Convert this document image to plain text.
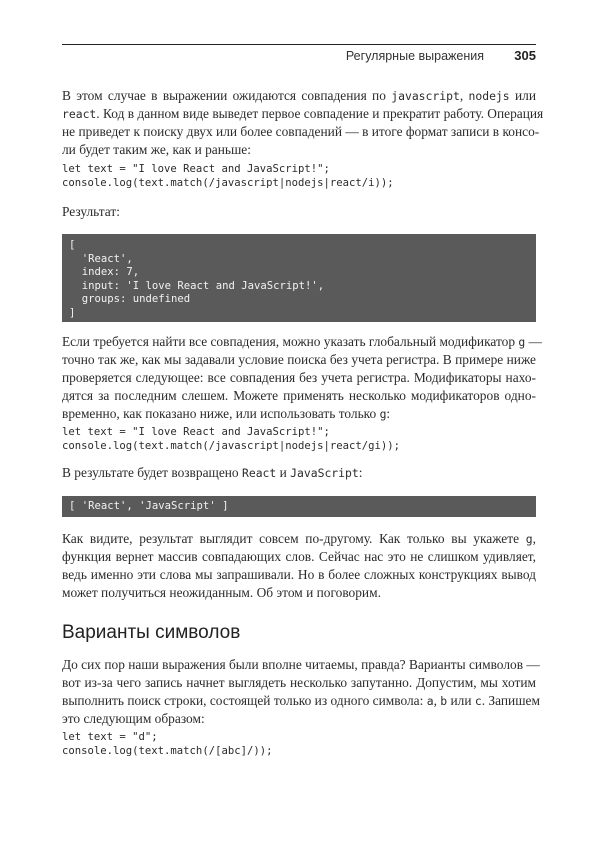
Регулярные выражения 305

В этом случае в выражении ожидаются совпадения по javascript, nodejs или
react. Код в данном виде выведет первое совпадение и прекратит работу. Операция
не приведет к поиску двух или более совпадений — в итоге формат записи в консо-
ли будет таким же, как и раньше:

let text = "I love React and JavaScript!";
console.log(text.match(/javascript|nodejs|react/i));

Результат:

[
'React',
index: 7,
input: 'I love React and JavaScript!',
groups: undefined
]

Если требуется найти все совпадения, можно указать глобальный модификатор g —
точно так же, как мы задавали условие поиска без учета регистра. В примере ниже
проверяется следующее: все совпадения без учета регистра. Модификаторы нахо-
дятся за последним слешем. Можете применять несколько модификаторов одно-
временно, как показано ниже, или использовать только g:

let text = "I love React and JavaScript!";
console.log(text.match(/javascript|nodejs|react/gi));

В результате будет возвращено React и JavaScript:

[ 'React', 'JavaScript' ]

Как видите, результат выглядит совсем по-другому. Как только вы укажете g,
функция вернет массив совпадающих слов. Сейчас нас это не слишком удивляет,
ведь именно эти слова мы запрашивали. Но в более сложных конструкциях вывод
может получиться неожиданным. Об этом и поговорим.

Варианты символов

До сих пор наши выражения были вполне читаемы, правда? Варианты символов —
вот из-за чего запись начнет выглядеть несколько запутанно. Допустим, мы хотим
выполнить поиск строки, состоящей только из одного символа: a, b или c. Запишем
это следующим образом:

let text = "d";
console.log(text.match(/[abc]/));
